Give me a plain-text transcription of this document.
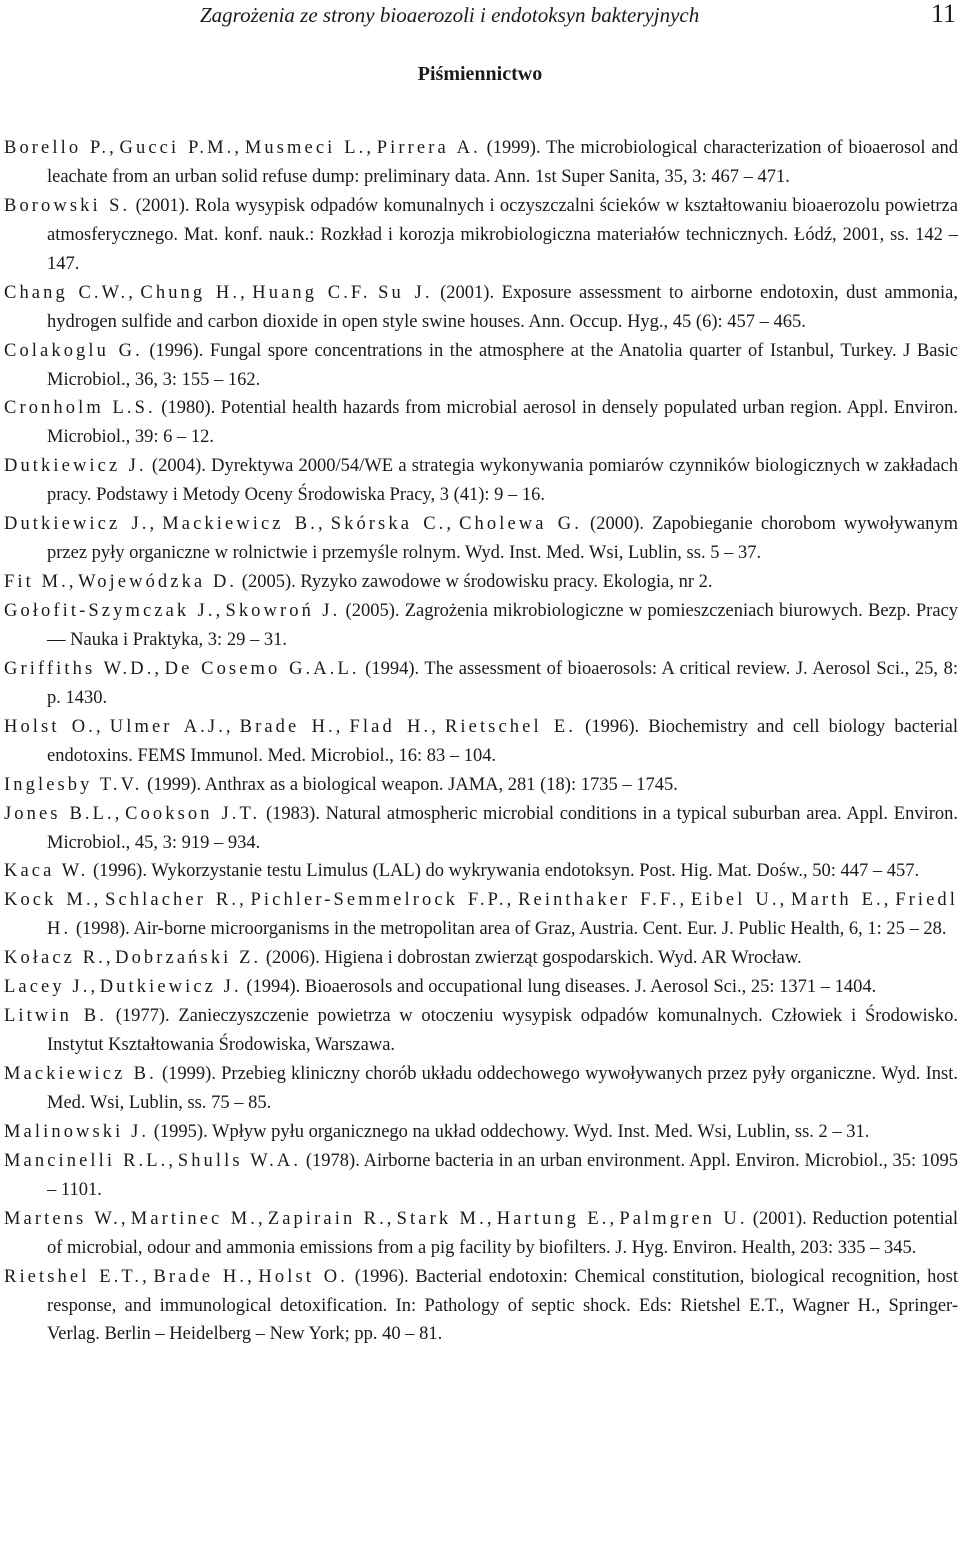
Zagrożenia ze strony bioaerozoli i endotoksyn bakteryjnych	11
Piśmiennictwo
Borello P., Gucci P.M., Musmeci L., Pirrera A. (1999). The microbiological characterization of bioaerosol and leachate from an urban solid refuse dump: preliminary data. Ann. 1st Super Sanita, 35, 3: 467 – 471.
Borowski S. (2001). Rola wysypisk odpadów komunalnych i oczyszczalni ścieków w kształtowaniu bioaerozolu powietrza atmosferycznego. Mat. konf. nauk.: Rozkład i korozja mikrobiologiczna materiałów technicznych. Łódź, 2001, ss. 142 – 147.
Chang C.W., Chung H., Huang C.F. Su J. (2001). Exposure assessment to airborne endotoxin, dust ammonia, hydrogen sulfide and carbon dioxide in open style swine houses. Ann. Occup. Hyg., 45 (6): 457 – 465.
Colakoglu G. (1996). Fungal spore concentrations in the atmosphere at the Anatolia quarter of Istanbul, Turkey. J Basic Microbiol., 36, 3: 155 – 162.
Cronholm L.S. (1980). Potential health hazards from microbial aerosol in densely populated urban region. Appl. Environ. Microbiol., 39: 6 – 12.
Dutkiewicz J. (2004). Dyrektywa 2000/54/WE a strategia wykonywania pomiarów czynników biologicznych w zakładach pracy. Podstawy i Metody Oceny Środowiska Pracy, 3 (41): 9 – 16.
Dutkiewicz J., Mackiewicz B., Skórska C., Cholewa G. (2000). Zapobieganie chorobom wywoływanym przez pyły organiczne w rolnictwie i przemyśle rolnym. Wyd. Inst. Med. Wsi, Lublin, ss. 5 – 37.
Fit M., Wojewódzka D. (2005). Ryzyko zawodowe w środowisku pracy. Ekologia, nr 2.
Gołofit-Szymczak J., Skowroń J. (2005). Zagrożenia mikrobiologiczne w pomieszczeniach biurowych. Bezp. Pracy — Nauka i Praktyka, 3: 29 – 31.
Griffiths W.D., De Cosemo G.A.L. (1994). The assessment of bioaerosols: A critical review. J. Aerosol Sci., 25, 8: p. 1430.
Holst O., Ulmer A.J., Brade H., Flad H., Rietschel E. (1996). Biochemistry and cell biology bacterial endotoxins. FEMS Immunol. Med. Microbiol., 16: 83 – 104.
Inglesby T.V. (1999). Anthrax as a biological weapon. JAMA, 281 (18): 1735 – 1745.
Jones B.L., Cookson J.T. (1983). Natural atmospheric microbial conditions in a typical suburban area. Appl. Environ. Microbiol., 45, 3: 919 – 934.
Kaca W. (1996). Wykorzystanie testu Limulus (LAL) do wykrywania endotoksyn. Post. Hig. Mat. Dośw., 50: 447 – 457.
Kock M., Schlacher R., Pichler-Semmelrock F.P., Reinthaker F.F., Eibel U., Marth E., Friedl H. (1998). Air-borne microorganisms in the metropolitan area of Graz, Austria. Cent. Eur. J. Public Health, 6, 1: 25 – 28.
Kołacz R., Dobrzański Z. (2006). Higiena i dobrostan zwierząt gospodarskich. Wyd. AR Wrocław.
Lacey J., Dutkiewicz J. (1994). Bioaerosols and occupational lung diseases. J. Aerosol Sci., 25: 1371 – 1404.
Litwin B. (1977). Zanieczyszczenie powietrza w otoczeniu wysypisk odpadów komunalnych. Człowiek i Środowisko. Instytut Kształtowania Środowiska, Warszawa.
Mackiewicz B. (1999). Przebieg kliniczny chorób układu oddechowego wywoływanych przez pyły organiczne. Wyd. Inst. Med. Wsi, Lublin, ss. 75 – 85.
Malinowski J. (1995). Wpływ pyłu organicznego na układ oddechowy. Wyd. Inst. Med. Wsi, Lublin, ss. 2 – 31.
Mancinelli R.L., Shulls W.A. (1978). Airborne bacteria in an urban environment. Appl. Environ. Microbiol., 35: 1095 – 1101.
Martens W., Martinec M., Zapirain R., Stark M., Hartung E., Palmgren U. (2001). Reduction potential of microbial, odour and ammonia emissions from a pig facility by biofilters. J. Hyg. Environ. Health, 203: 335 – 345.
Rietshel E.T., Brade H., Holst O. (1996). Bacterial endotoxin: Chemical constitution, biological recognition, host response, and immunological detoxification. In: Pathology of septic shock. Eds: Rietshel E.T., Wagner H., Springer-Verlag. Berlin – Heidelberg – New York; pp. 40 – 81.
